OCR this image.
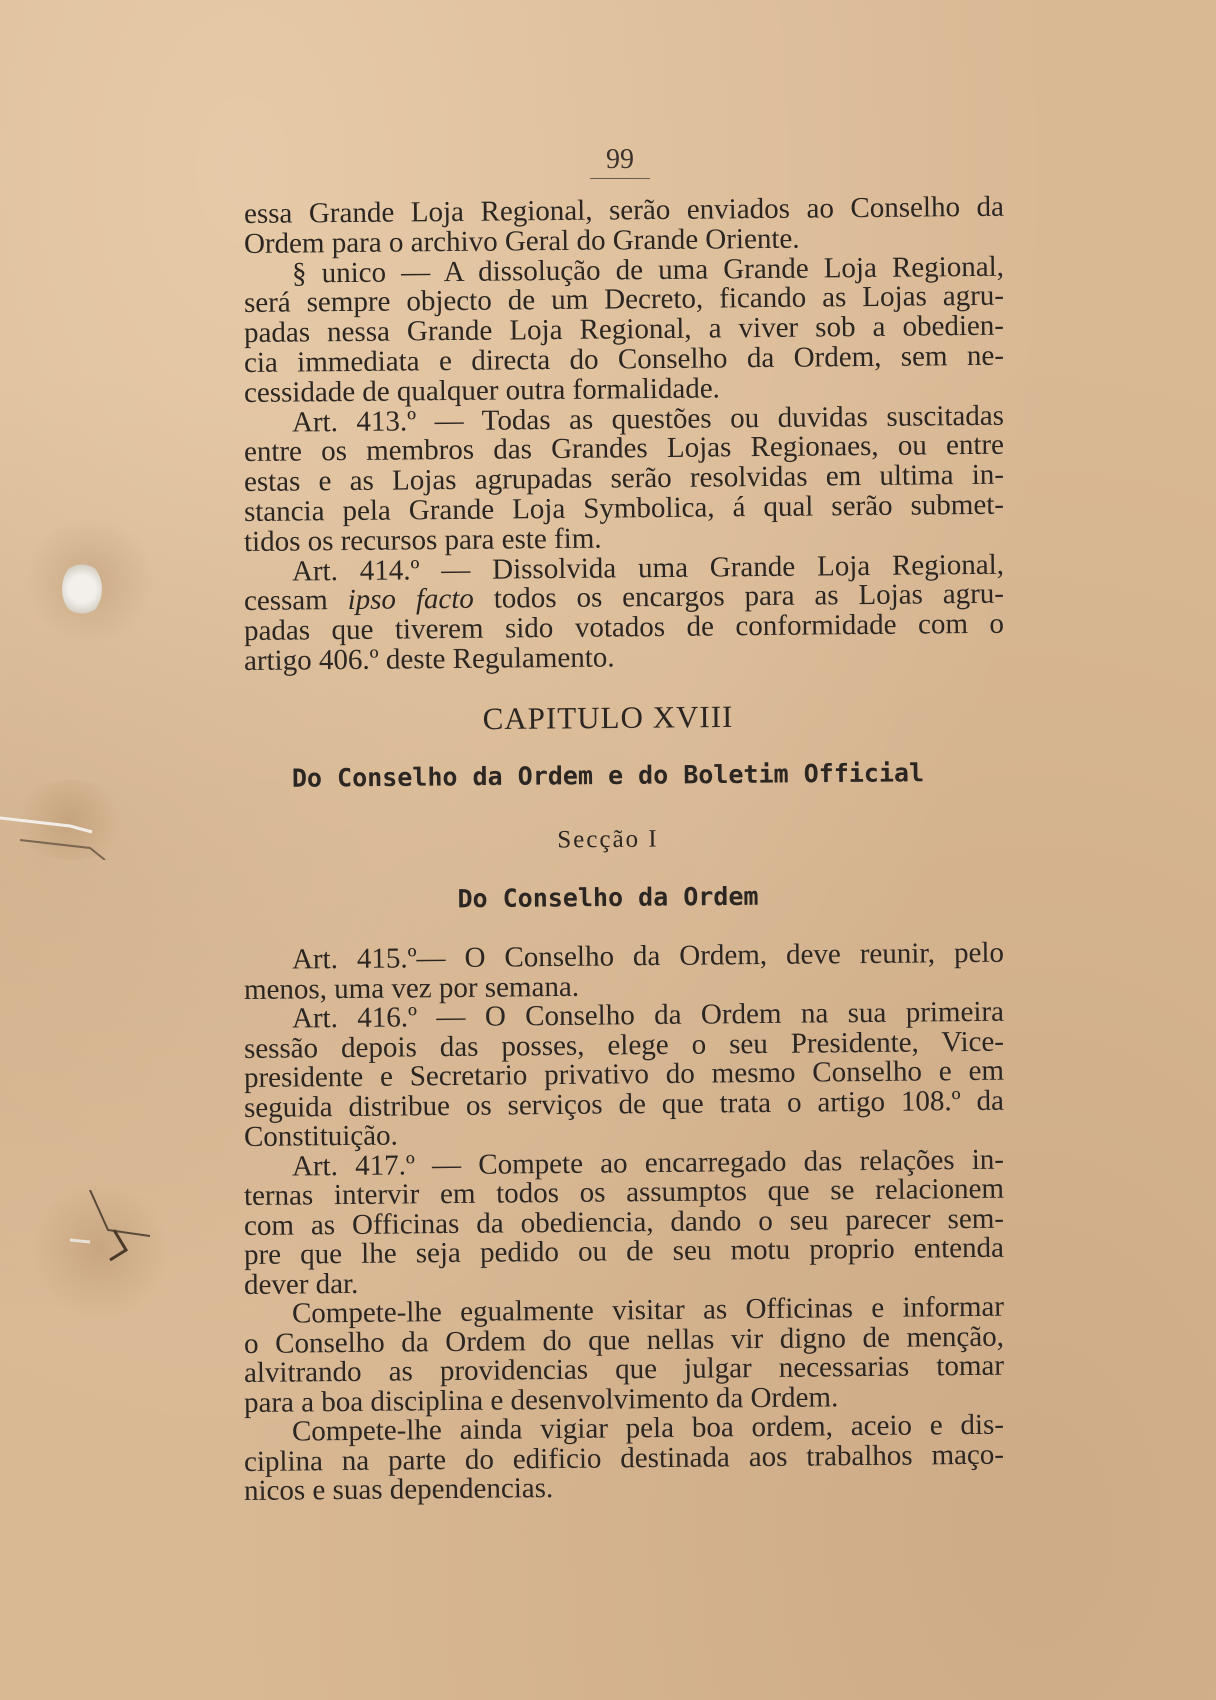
99
essa Grande Loja Regional, serão enviados ao Conselho da
Ordem para o archivo Geral do Grande Oriente.
§ unico — A dissolução de uma Grande Loja Regional,
será sempre objecto de um Decreto, ficando as Lojas agru-
padas nessa Grande Loja Regional, a viver sob a obedien-
cia immediata e directa do Conselho da Ordem, sem ne-
cessidade de qualquer outra formalidade.
Art. 413.º — Todas as questões ou duvidas suscitadas
entre os membros das Grandes Lojas Regionaes, ou entre
estas e as Lojas agrupadas serão resolvidas em ultima in-
stancia pela Grande Loja Symbolica, á qual serão submet-
tidos os recursos para este fim.
Art. 414.º — Dissolvida uma Grande Loja Regional,
cessam ipso facto todos os encargos para as Lojas agru-
padas que tiverem sido votados de conformidade com o
artigo 406.º deste Regulamento.
CAPITULO XVIII
Do Conselho da Ordem e do Boletim Official
Secção I
Do Conselho da Ordem
Art. 415.º— O Conselho da Ordem, deve reunir, pelo
menos, uma vez por semana.
Art. 416.º — O Conselho da Ordem na sua primeira
sessão depois das posses, elege o seu Presidente, Vice-
presidente e Secretario privativo do mesmo Conselho e em
seguida distribue os serviços de que trata o artigo 108.º da
Constituição.
Art. 417.º — Compete ao encarregado das relações in-
ternas intervir em todos os assumptos que se relacionem
com as Officinas da obediencia, dando o seu parecer sem-
pre que lhe seja pedido ou de seu motu proprio entenda
dever dar.
Compete-lhe egualmente visitar as Officinas e informar
o Conselho da Ordem do que nellas vir digno de menção,
alvitrando as providencias que julgar necessarias tomar
para a boa disciplina e desenvolvimento da Ordem.
Compete-lhe ainda vigiar pela boa ordem, aceio e dis-
ciplina na parte do edificio destinada aos trabalhos maço-
nicos e suas dependencias.
